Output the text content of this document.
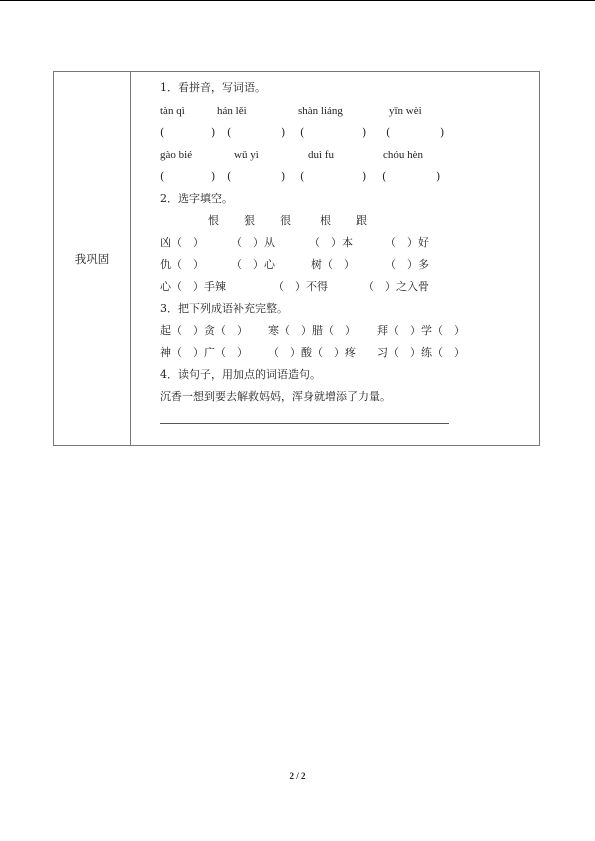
我巩固
1．看拼音，写词语。
tàn qì	hán lěi	shàn liáng	yīn wèi
(	) (	) (	) (	)
gào bié	wǔ yì	duì fu	chóu hèn
(	) (	) (	) (	)
2．选字填空。
恨 狠 很	根 跟
凶（　） （　）从	（　）本	（　）好
仇（　） （　）心	树（　）	（　）多
心（　）手辣	（　）不得	（　）之入骨
3．把下列成语补充完整。
起（　）贪（　） 寒（　）腊（　） 拜（　）学（　）
神（　）广（　） （　）酸（　）疼 习（　）练（　）
4．读句子，用加点的词语造句。
沉香一想到要去解救妈妈，浑身就增添了力量。
2 / 2
